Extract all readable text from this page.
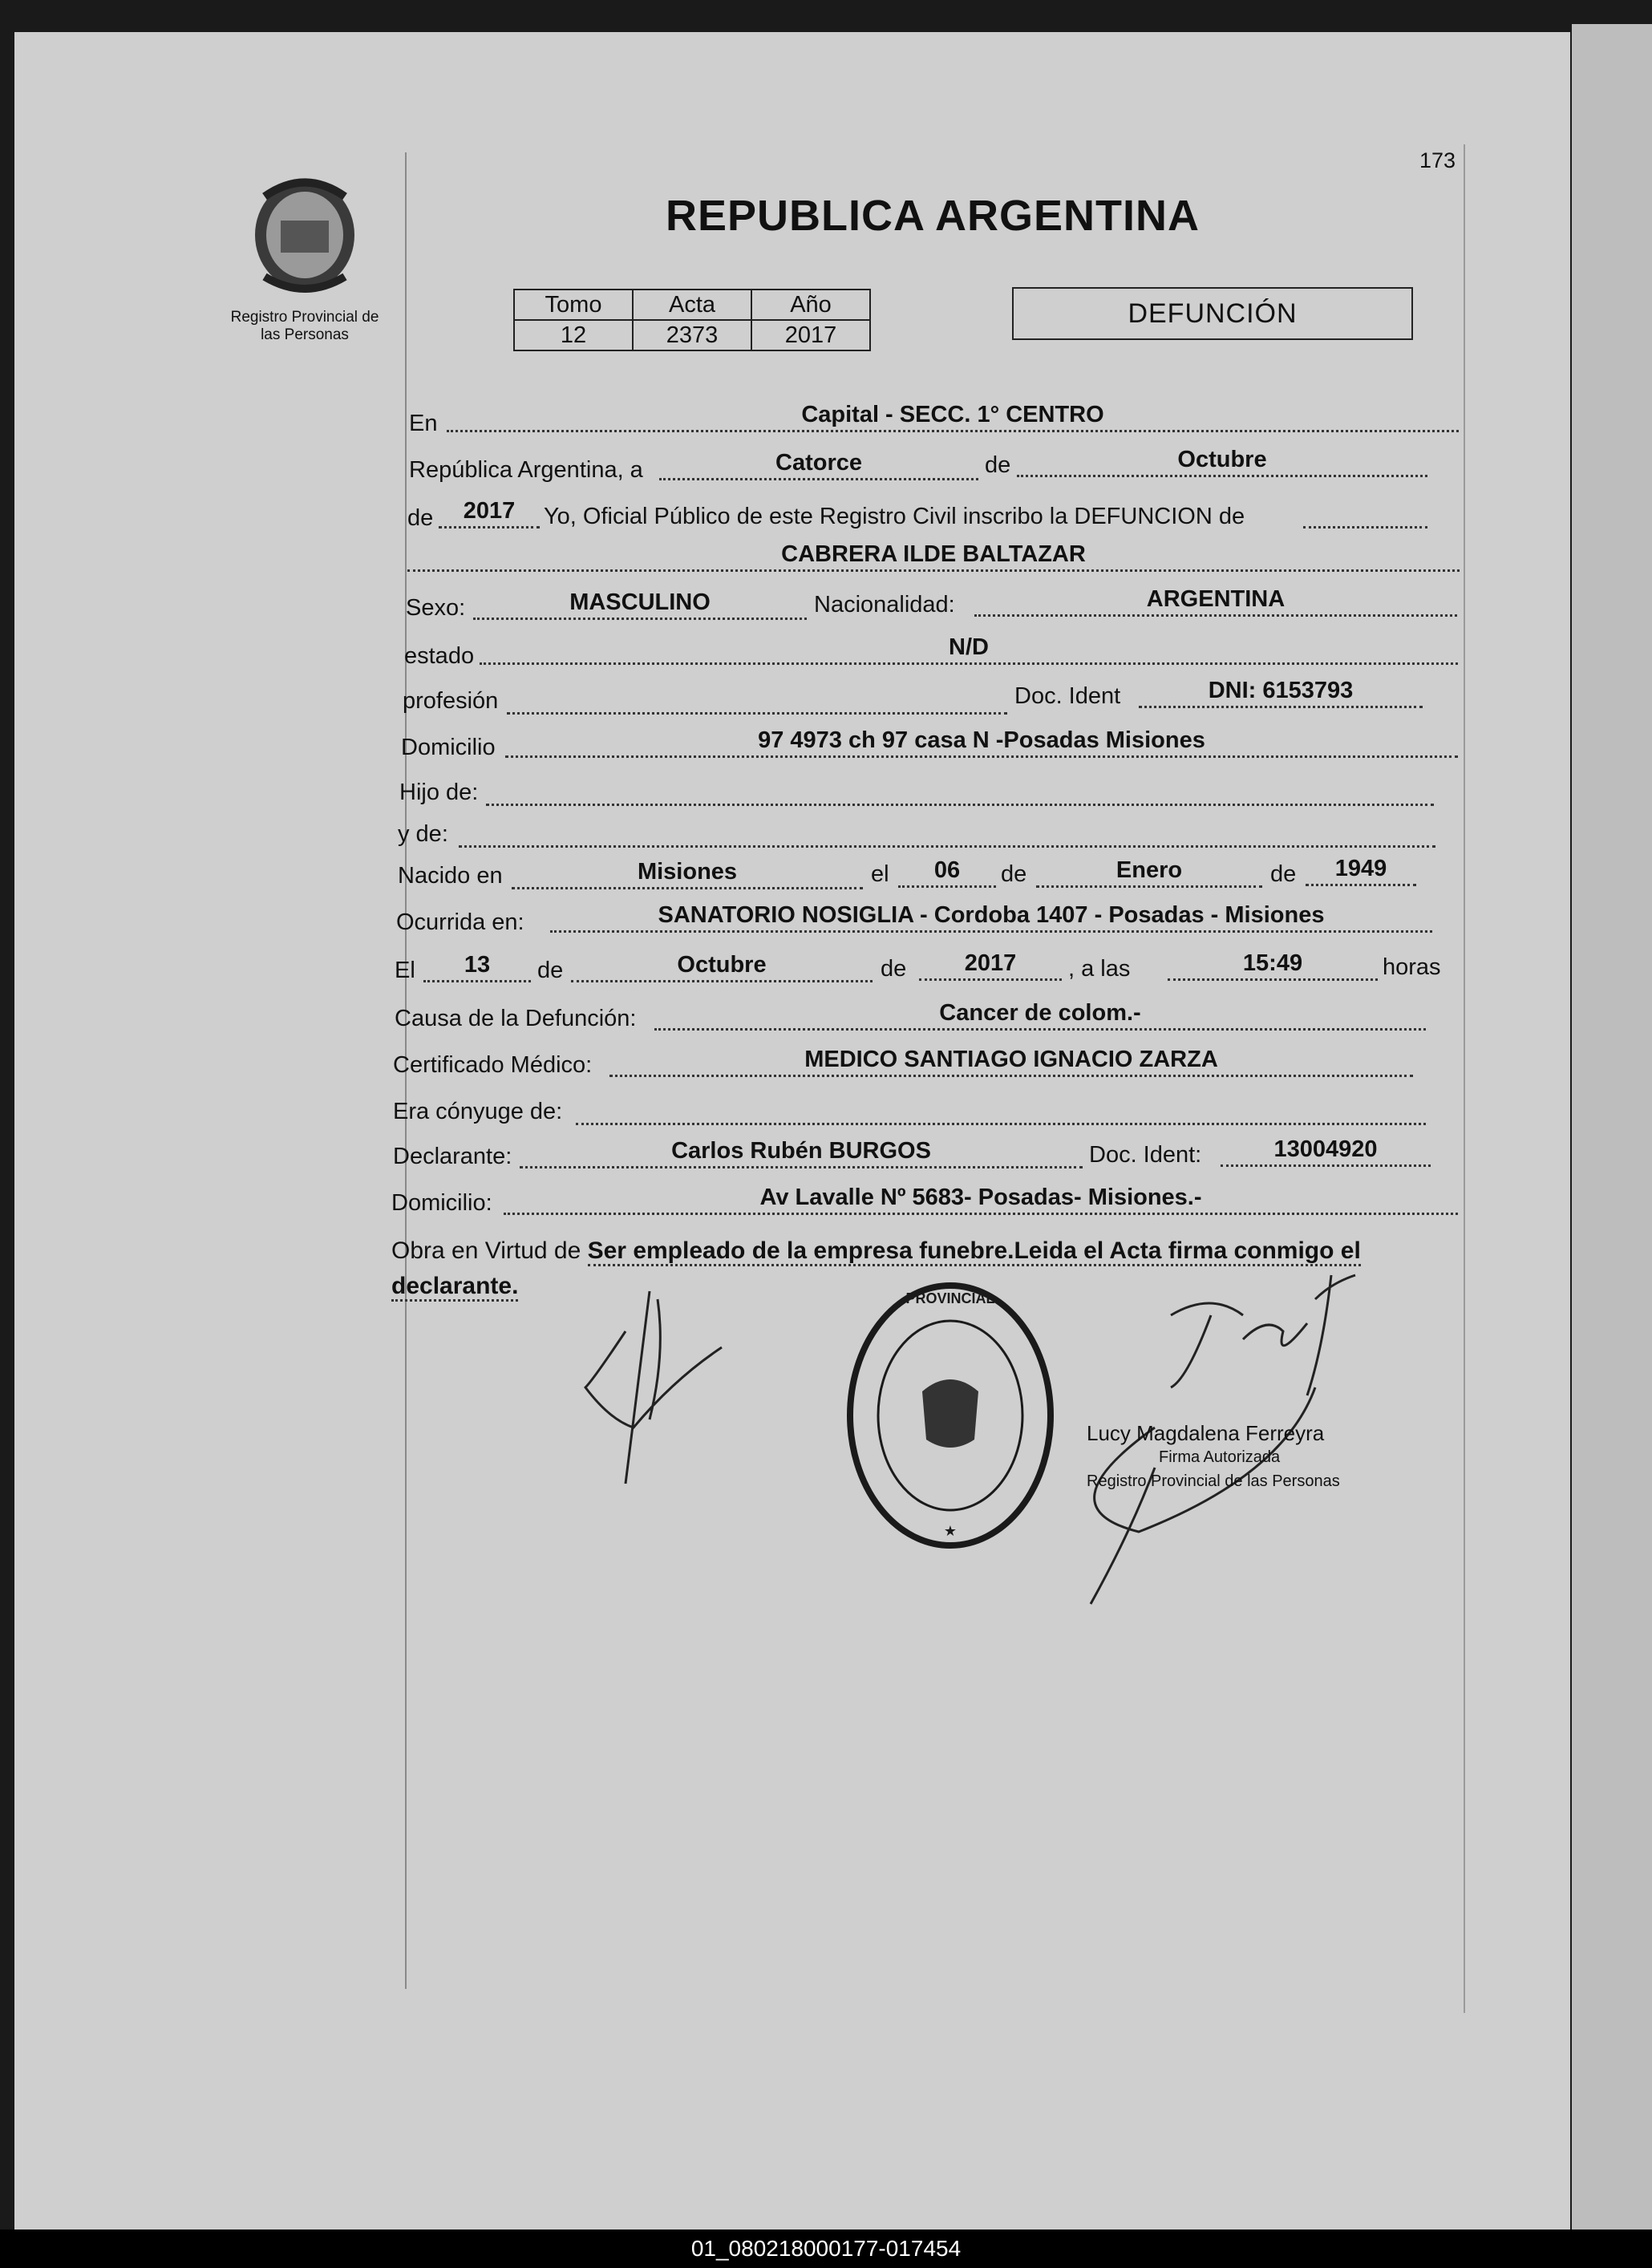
Registro Provincial de
las Personas
173
REPUBLICA ARGENTINA
Tomo	Acta	Año
12	2373	2017
DEFUNCIÓN
En	Capital - SECC. 1° CENTRO
República Argentina, a	Catorce	de	Octubre
de	2017	Yo, Oficial Público de este Registro Civil inscribo la DEFUNCION de
CABRERA ILDE BALTAZAR
Sexo:	MASCULINO	Nacionalidad:	ARGENTINA
estado	N/D
profesión	Doc. Ident	DNI: 6153793
Domicilio	97 4973 ch 97 casa N -Posadas Misiones
Hijo de:
y de:
Nacido en	Misiones	el	06	de	Enero	de	1949
Ocurrida en:	SANATORIO NOSIGLIA - Cordoba 1407 - Posadas - Misiones
El	13	de	Octubre	de	2017	, a las	15:49	horas
Causa de la Defunción:	Cancer de colom.-
Certificado Médico:	MEDICO SANTIAGO IGNACIO ZARZA
Era cónyuge de:
Declarante:	Carlos Rubén BURGOS	Doc. Ident:	13004920
Domicilio:	Av Lavalle Nº 5683- Posadas- Misiones.-
Obra en Virtud de Ser empleado de la empresa funebre.Leida el Acta firma conmigo el declarante.	PROVINCIAL
★
Lucy Magdalena Ferreyra
Firma Autorizada
Registro Provincial de las Personas
01_080218000177-017454
